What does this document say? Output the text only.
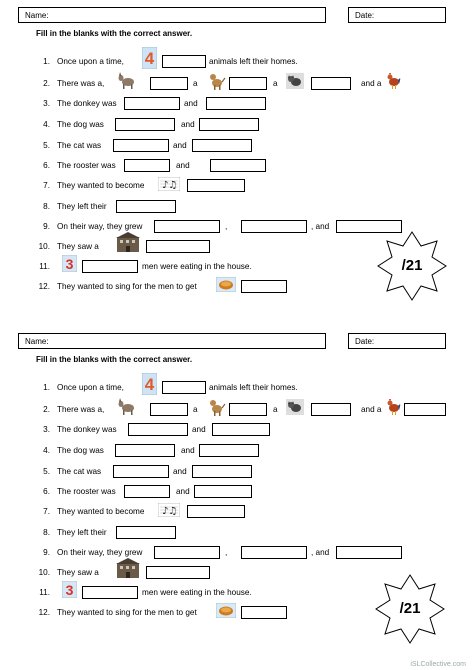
Name:	Date:
Fill in the blanks with the correct answer.
1. Once upon a time, 4	animals left their homes.
2. There was a,	a	a	and a
3. The donkey was	and
4. The dog was	and
5. The cat was	and
6. The rooster was	and
7. They wanted to become ♪♫
8. They left their
9. On their way, they grew	,	, and
10. They saw a
11. 3	men were eating in the house.
12. They wanted to sing for the men to get
/21
Name:	Date:
Fill in the blanks with the correct answer.
1. Once upon a time, 4	animals left their homes.
2. There was a,	a	a	and a
3. The donkey was	and
4. The dog was	and
5. The cat was	and
6. The rooster was	and
7. They wanted to become ♪♫
8. They left their
9. On their way, they grew	,	, and
10. They saw a
11. 3	men were eating in the house.
12. They wanted to sing for the men to get	/21
iSLCollective.com
